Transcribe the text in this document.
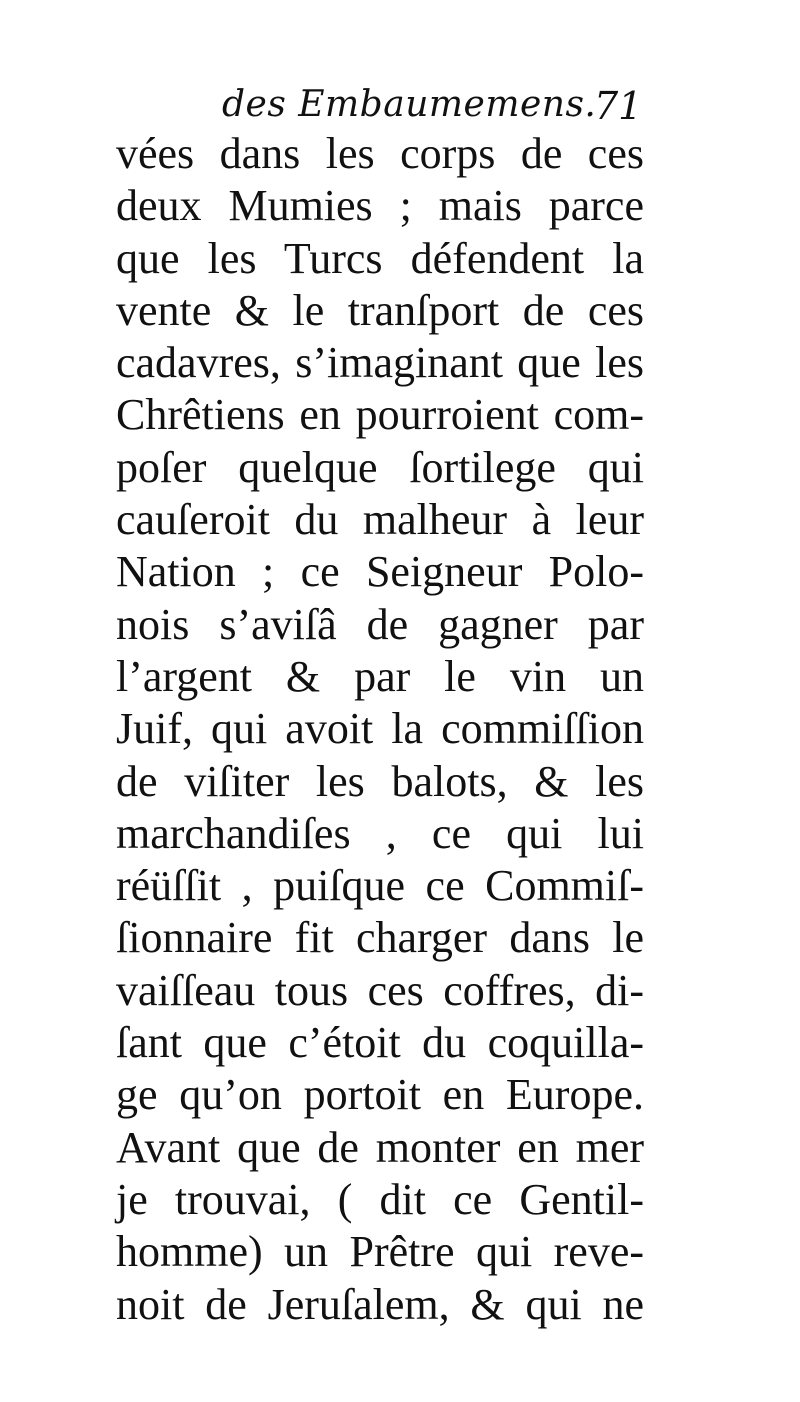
des Embaumemens.
71
vées dans les corps de ces
deux Mumies ; mais parce
que les Turcs défendent la
vente & le tranſport de ces
cadavres, s’imaginant que les
Chrêtiens en pourroient com-
poſer quelque ſortilege qui
cauſeroit du malheur à leur
Nation ; ce Seigneur Polo-
nois s’aviſâ de gagner par
l’argent & par le vin un
Juif, qui avoit la commiſſion
de viſiter les balots, & les
marchandiſes , ce qui lui
réüſſit , puiſque ce Commiſ-
ſionnaire fit charger dans le
vaiſſeau tous ces coffres, di-
ſant que c’étoit du coquilla-
ge qu’on portoit en Europe.
Avant que de monter en mer
je trouvai, ( dit ce Gentil-
homme) un Prêtre qui reve-
noit de Jeruſalem, & qui ne
